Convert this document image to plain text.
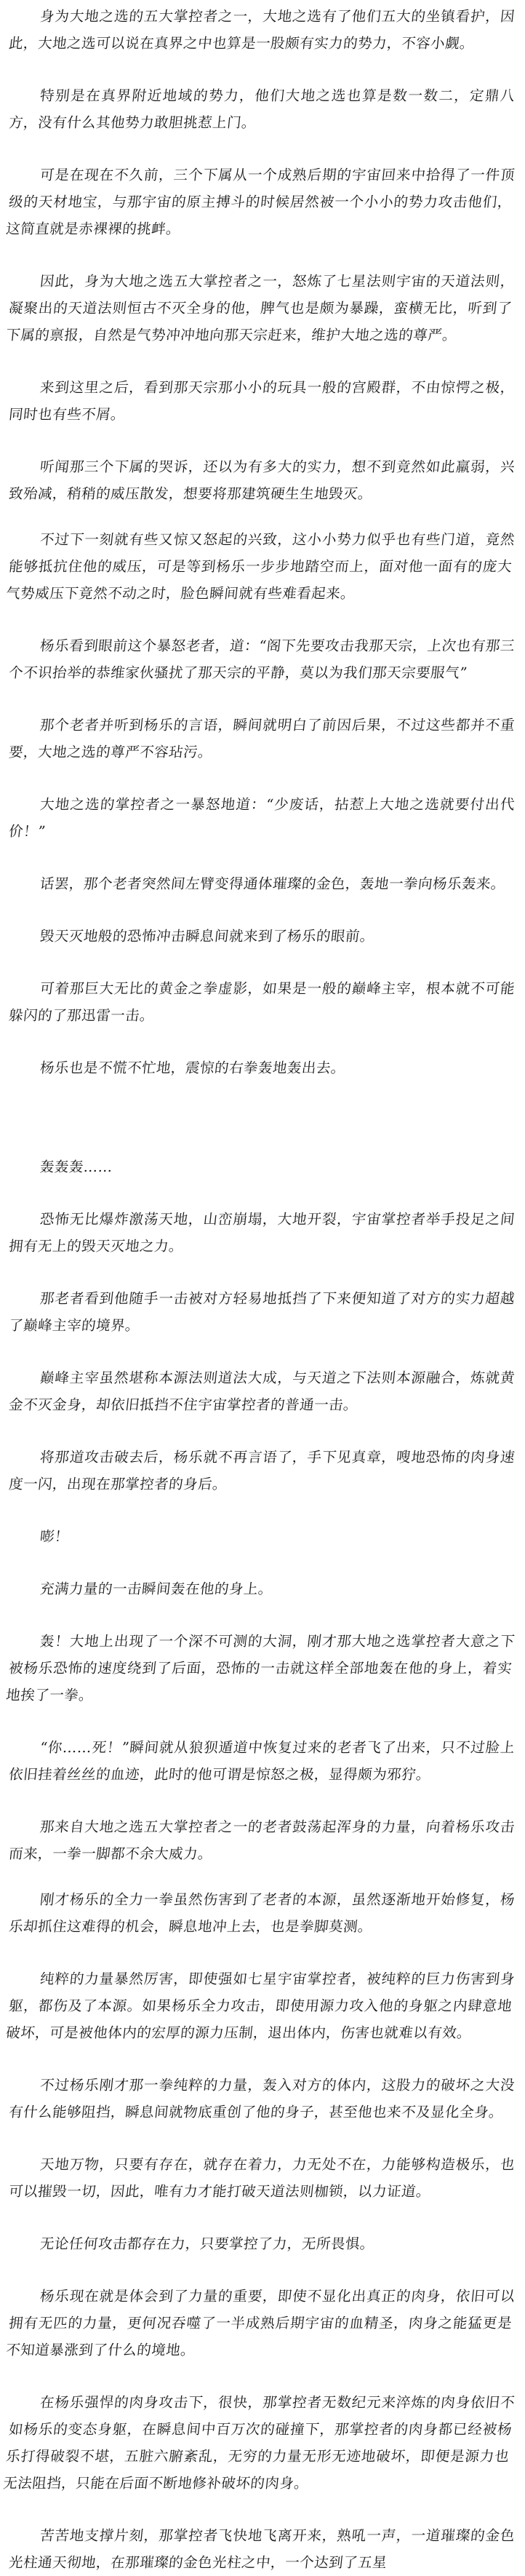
身为大地之选的五大掌控者之一，大地之选有了他们五大的坐镇看护，因此，大地之选可以说在真界之中也算是一股颇有实力的势力，不容小觑。

特别是在真界附近地域的势力，他们大地之选也算是数一数二，定鼎八方，没有什么其他势力敢胆挑惹上门。

可是在现在不久前，三个下属从一个成熟后期的宇宙回来中拾得了一件顶级的天材地宝，与那宇宙的原主搏斗的时候居然被一个小小的势力攻击他们，这简直就是赤裸裸的挑衅。

因此，身为大地之选五大掌控者之一，怒炼了七星法则宇宙的天道法则，凝聚出的天道法则恒古不灭全身的他，脾气也是颇为暴躁，蛮横无比，听到了下属的禀报，自然是气势冲冲地向那天宗赶来，维护大地之选的尊严。

来到这里之后，看到那天宗那小小的玩具一般的宫殿群，不由惊愕之极，同时也有些不屑。

听闻那三个下属的哭诉，还以为有多大的实力，想不到竟然如此羸弱，兴致殆减，稍稍的威压散发，想要将那建筑硬生生地毁灭。

不过下一刻就有些又惊又怒起的兴致，这小小势力似乎也有些门道，竟然能够抵抗住他的威压，可是等到杨乐一步步地踏空而上，面对他一面有的庞大气势威压下竟然不动之时，脸色瞬间就有些难看起来。

杨乐看到眼前这个暴怒老者，道：“阁下先要攻击我那天宗，上次也有那三个不识抬举的恭维家伙骚扰了那天宗的平静，莫以为我们那天宗要服气”

那个老者并听到杨乐的言语，瞬间就明白了前因后果，不过这些都并不重要，大地之选的尊严不容玷污。

大地之选的掌控者之一暴怒地道：“少废话，拈惹上大地之选就要付出代价！”

话罢，那个老者突然间左臂变得通体璀璨的金色，轰地一拳向杨乐轰来。

毁天灭地般的恐怖冲击瞬息间就来到了杨乐的眼前。

可着那巨大无比的黄金之拳虚影，如果是一般的巅峰主宰，根本就不可能躲闪的了那迅雷一击。

杨乐也是不慌不忙地，震惊的右拳轰地轰出去。

轰轰轰……

恐怖无比爆炸激荡天地，山峦崩塌，大地开裂，宇宙掌控者举手投足之间拥有无上的毁天灭地之力。

那老者看到他随手一击被对方轻易地抵挡了下来便知道了对方的实力超越了巅峰主宰的境界。

巅峰主宰虽然堪称本源法则道法大成，与天道之下法则本源融合，炼就黄金不灭金身，却依旧抵挡不住宇宙掌控者的普通一击。

将那道攻击破去后，杨乐就不再言语了，手下见真章，嗖地恐怖的肉身速度一闪，出现在那掌控者的身后。

嘭！

充满力量的一击瞬间轰在他的身上。

轰！大地上出现了一个深不可测的大洞，刚才那大地之选掌控者大意之下被杨乐恐怖的速度绕到了后面，恐怖的一击就这样全部地轰在他的身上，着实地挨了一拳。

“你……死！”瞬间就从狼狈遁道中恢复过来的老者飞了出来，只不过脸上依旧挂着丝丝的血迹，此时的他可谓是惊怒之极，显得颇为邪狞。

那来自大地之选五大掌控者之一的老者鼓荡起浑身的力量，向着杨乐攻击而来，一拳一脚都不余大威力。

刚才杨乐的全力一拳虽然伤害到了老者的本源，虽然逐渐地开始修复，杨乐却抓住这难得的机会，瞬息地冲上去，也是拳脚莫测。

纯粹的力量暴然厉害，即使强如七星宇宙掌控者，被纯粹的巨力伤害到身躯，都伤及了本源。如果杨乐全力攻击，即使用源力攻入他的身躯之内肆意地破坏，可是被他体内的宏厚的源力压制，退出体内，伤害也就难以有效。

不过杨乐刚才那一拳纯粹的力量，轰入对方的体内，这股力的破坏之大没有什么能够阻挡，瞬息间就物底重创了他的身子，甚至他也来不及显化全身。

天地万物，只要有存在，就存在着力，力无处不在，力能够构造极乐，也可以摧毁一切，因此，唯有力才能打破天道法则枷锁，以力证道。

无论任何攻击都存在力，只要掌控了力，无所畏惧。

杨乐现在就是体会到了力量的重要，即使不显化出真正的肉身，依旧可以拥有无匹的力量，更何况吞噬了一半成熟后期宇宙的血精圣，肉身之能猛更是不知道暴涨到了什么的境地。

在杨乐强悍的肉身攻击下，很快，那掌控者无数纪元来淬炼的肉身依旧不如杨乐的变态身躯，在瞬息间中百万次的碰撞下，那掌控者的肉身都已经被杨乐打得破裂不堪，五脏六腑紊乱，无穷的力量无形无迹地破坏，即便是源力也无法阻挡，只能在后面不断地修补破坏的肉身。

苦苦地支撑片刻，那掌控者飞快地飞离开来，熟吼一声，一道璀璨的金色光柱通天彻地，在那璀璨的金色光柱之中，一个达到了五星
